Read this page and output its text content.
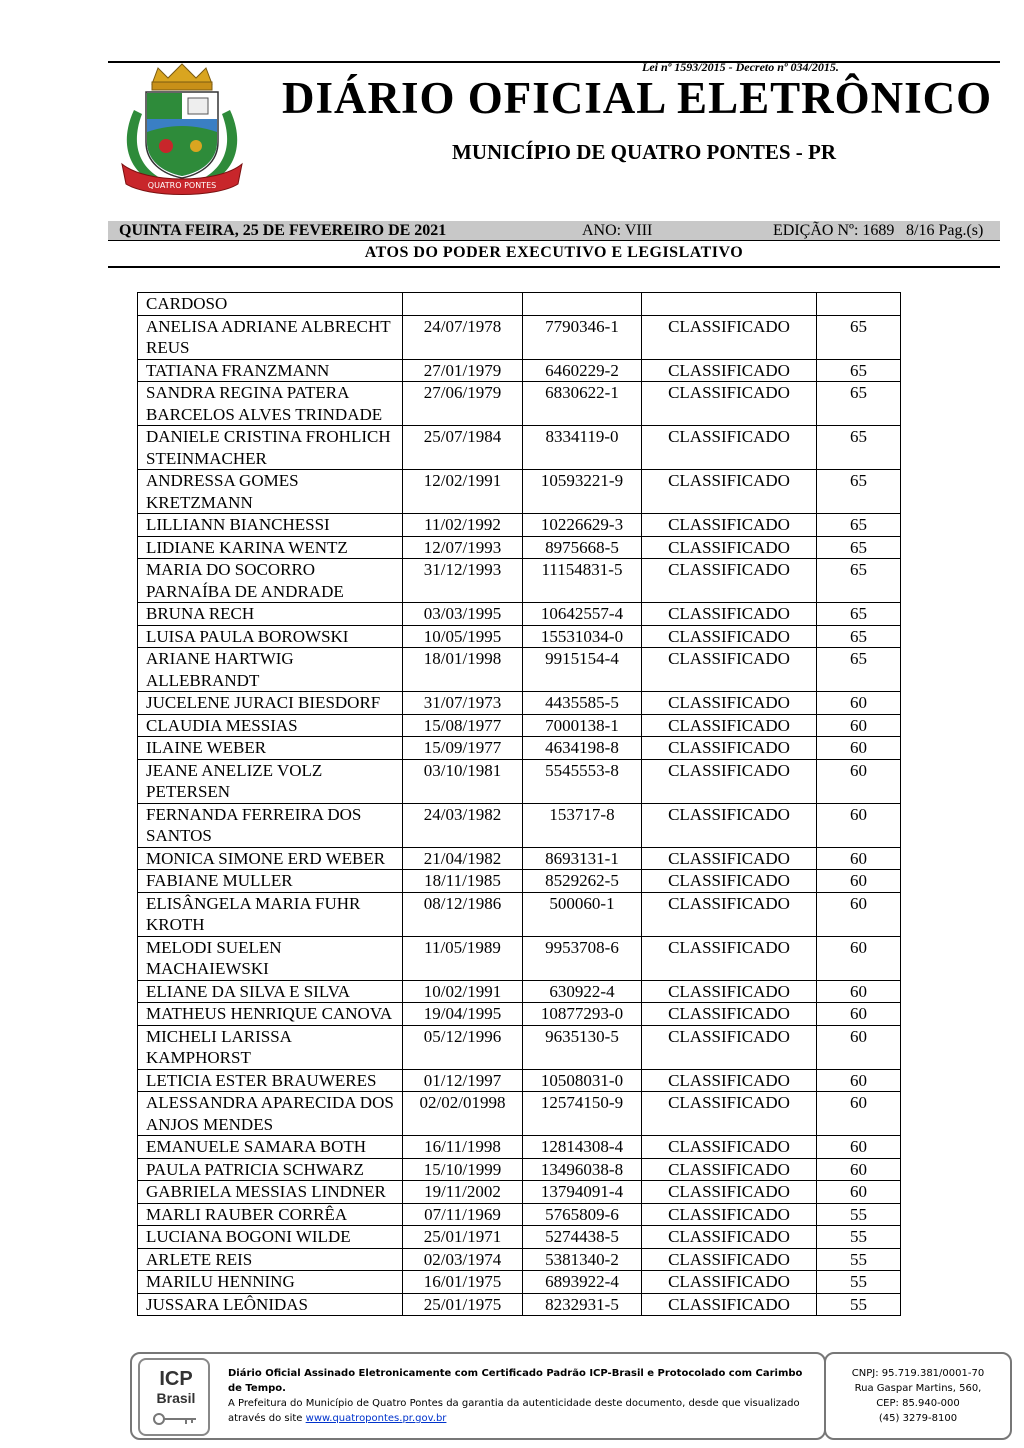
Lei nº 1593/2015 - Decreto nº 034/2015.
QUATRO PONTES
DIÁRIO OFICIAL ELETRÔNICO
MUNICÍPIO DE QUATRO PONTES - PR
QUINTA FEIRA, 25 DE FEVEREIRO DE 2021	ANO: VIII	EDIÇÃO Nº: 1689 8/16 Pag.(s)
ATOS DO PODER EXECUTIVO E LEGISLATIVO
CARDOSO				
ANELISA ADRIANE ALBRECHT REUS	24/07/1978	7790346-1	CLASSIFICADO	65
TATIANA FRANZMANN	27/01/1979	6460229-2	CLASSIFICADO	65
SANDRA REGINA PATERA BARCELOS ALVES TRINDADE	27/06/1979	6830622-1	CLASSIFICADO	65
DANIELE CRISTINA FROHLICH STEINMACHER	25/07/1984	8334119-0	CLASSIFICADO	65
ANDRESSA GOMES KRETZMANN	12/02/1991	10593221-9	CLASSIFICADO	65
LILLIANN BIANCHESSI	11/02/1992	10226629-3	CLASSIFICADO	65
LIDIANE KARINA WENTZ	12/07/1993	8975668-5	CLASSIFICADO	65
MARIA DO SOCORRO PARNAÍBA DE ANDRADE	31/12/1993	11154831-5	CLASSIFICADO	65
BRUNA RECH	03/03/1995	10642557-4	CLASSIFICADO	65
LUISA PAULA BOROWSKI	10/05/1995	15531034-0	CLASSIFICADO	65
ARIANE HARTWIG ALLEBRANDT	18/01/1998	9915154-4	CLASSIFICADO	65
JUCELENE JURACI BIESDORF	31/07/1973	4435585-5	CLASSIFICADO	60
CLAUDIA MESSIAS	15/08/1977	7000138-1	CLASSIFICADO	60
ILAINE WEBER	15/09/1977	4634198-8	CLASSIFICADO	60
JEANE ANELIZE VOLZ PETERSEN	03/10/1981	5545553-8	CLASSIFICADO	60
FERNANDA FERREIRA DOS SANTOS	24/03/1982	153717-8	CLASSIFICADO	60
MONICA SIMONE ERD WEBER	21/04/1982	8693131-1	CLASSIFICADO	60
FABIANE MULLER	18/11/1985	8529262-5	CLASSIFICADO	60
ELISÂNGELA MARIA FUHR KROTH	08/12/1986	500060-1	CLASSIFICADO	60
MELODI SUELEN MACHAIEWSKI	11/05/1989	9953708-6	CLASSIFICADO	60
ELIANE DA SILVA E SILVA	10/02/1991	630922-4	CLASSIFICADO	60
MATHEUS HENRIQUE CANOVA	19/04/1995	10877293-0	CLASSIFICADO	60
MICHELI LARISSA KAMPHORST	05/12/1996	9635130-5	CLASSIFICADO	60
LETICIA ESTER BRAUWERES	01/12/1997	10508031-0	CLASSIFICADO	60
ALESSANDRA APARECIDA DOS ANJOS MENDES	02/02/01998	12574150-9	CLASSIFICADO	60
EMANUELE SAMARA BOTH	16/11/1998	12814308-4	CLASSIFICADO	60
PAULA PATRICIA SCHWARZ	15/10/1999	13496038-8	CLASSIFICADO	60
GABRIELA MESSIAS LINDNER	19/11/2002	13794091-4	CLASSIFICADO	60
MARLI RAUBER CORRÊA	07/11/1969	5765809-6	CLASSIFICADO	55
LUCIANA BOGONI WILDE	25/01/1971	5274438-5	CLASSIFICADO	55
ARLETE REIS	02/03/1974	5381340-2	CLASSIFICADO	55
MARILU HENNING	16/01/1975	6893922-4	CLASSIFICADO	55
JUSSARA LEÔNIDAS	25/01/1975	8232931-5	CLASSIFICADO	55
ICP
Brasil
Diário Oficial Assinado Eletronicamente com Certificado Padrão ICP-Brasil e Protocolado com Carimbo de Tempo.
A Prefeitura do Município de Quatro Pontes da garantia da autenticidade deste documento, desde que visualizado
através do site www.quatropontes.pr.gov.br
CNPJ: 95.719.381/0001-70
Rua Gaspar Martins, 560,
CEP: 85.940-000
(45) 3279-8100
